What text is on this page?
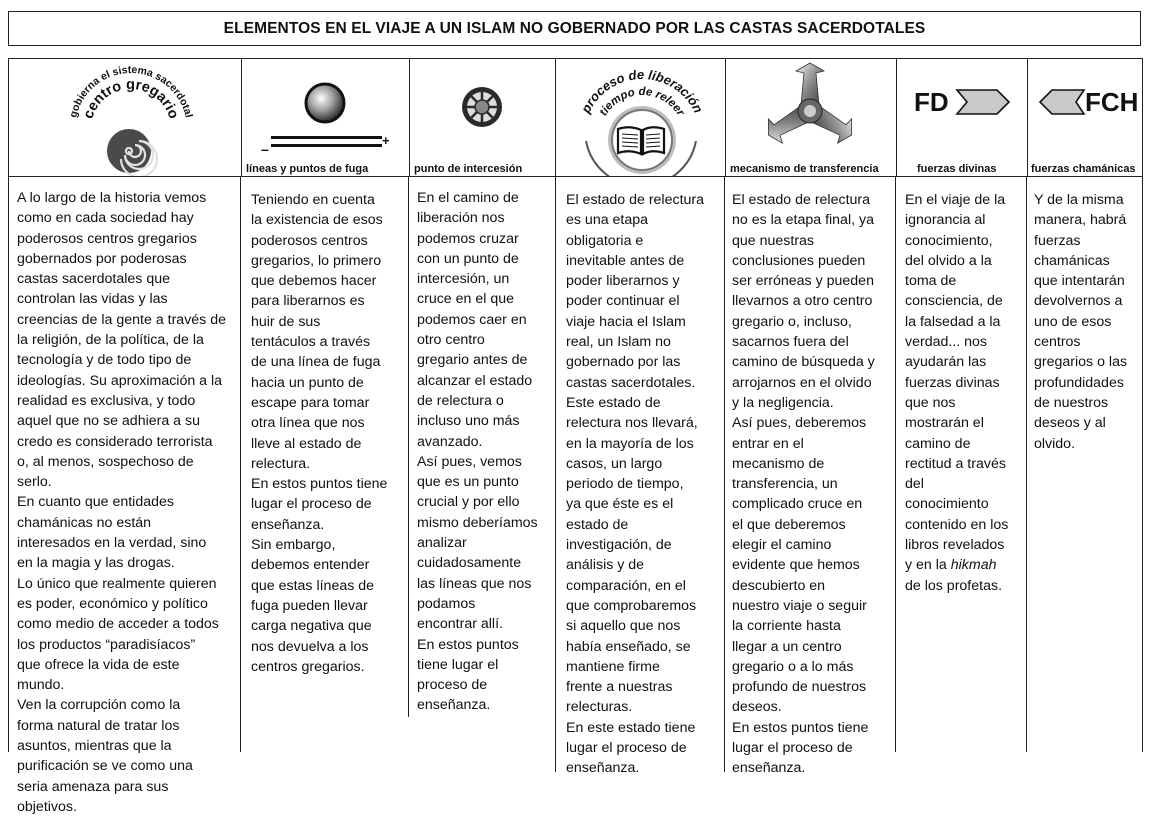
ELEMENTOS EN EL VIAJE A UN ISLAM NO GOBERNADO POR LAS CASTAS SACERDOTALES
gobierna el sistema sacerdotal
centro gregario
–
+
líneas y puntos de fuga	punto de intercesión
proceso de liberación
tiempo de releer
mecanismo de transferencia
FD
fuerzas divinas
FCH
fuerzas chamánicas

A lo largo de la historia vemos

como en cada sociedad hay

poderosos centros gregarios

gobernados por poderosas

castas sacerdotales que

controlan las vidas y las

creencias de la gente a través de

la religión, de la política, de la

tecnología y de todo tipo de

ideologías. Su aproximación a la

realidad es exclusiva, y todo

aquel que no se adhiera a su

credo es considerado terrorista

o, al menos, sospechoso de

serlo.

En cuanto que entidades

chamánicas no están

interesados en la verdad, sino

en la magia y las drogas.

Lo único que realmente quieren

es poder, económico y político

como medio de acceder a todos

los productos “paradisíacos”

que ofrece la vida de este

mundo.

Ven la corrupción como la

forma natural de tratar los

asuntos, mientras que la

purificación se ve como una

seria amenaza para sus

objetivos.

Teniendo en cuenta

la existencia de esos

poderosos centros

gregarios, lo primero

que debemos hacer

para liberarnos es

huir de sus

tentáculos a través

de una línea de fuga

hacia un punto de

escape para tomar

otra línea que nos

lleve al estado de

relectura.

En estos puntos tiene

lugar el proceso de

enseñanza.

Sin embargo,

debemos entender

que estas líneas de

fuga pueden llevar

carga negativa que

nos devuelva a los

centros gregarios.

En el camino de

liberación nos

podemos cruzar

con un punto de

intercesión, un

cruce en el que

podemos caer en

otro centro

gregario antes de

alcanzar el estado

de relectura o

incluso uno más

avanzado.

Así pues, vemos

que es un punto

crucial y por ello

mismo deberíamos

analizar

cuidadosamente

las líneas que nos

podamos

encontrar allí.

En estos puntos

tiene lugar el

proceso de

enseñanza.

El estado de relectura

es una etapa

obligatoria e

inevitable antes de

poder liberarnos y

poder continuar el

viaje hacia el Islam

real, un Islam no

gobernado por las

castas sacerdotales.

Este estado de

relectura nos llevará,

en la mayoría de los

casos, un largo

periodo de tiempo,

ya que éste es el

estado de

investigación, de

análisis y de

comparación, en el

que comprobaremos

si aquello que nos

había enseñado, se

mantiene firme

frente a nuestras

relecturas.

En este estado tiene

lugar el proceso de

enseñanza.

El estado de relectura

no es la etapa final, ya

que nuestras

conclusiones pueden

ser erróneas y pueden

llevarnos a otro centro

gregario o, incluso,

sacarnos fuera del

camino de búsqueda y

arrojarnos en el olvido

y la negligencia.

Así pues, deberemos

entrar en el

mecanismo de

transferencia, un

complicado cruce en

el que deberemos

elegir el camino

evidente que hemos

descubierto en

nuestro viaje o seguir

la corriente hasta

llegar a un centro

gregario o a lo más

profundo de nuestros

deseos.

En estos puntos tiene

lugar el proceso de

enseñanza.

En el viaje de la

ignorancia al

conocimiento,

del olvido a la

toma de

consciencia, de

la falsedad a la

verdad... nos

ayudarán las

fuerzas divinas

que nos

mostrarán el

camino de

rectitud a través

del

conocimiento

contenido en los

libros revelados

y en la hikmah

de los profetas.

Y de la misma

manera, habrá

fuerzas

chamánicas

que intentarán

devolvernos a

uno de esos

centros

gregarios o las

profundidades

de nuestros

deseos y al

olvido.
